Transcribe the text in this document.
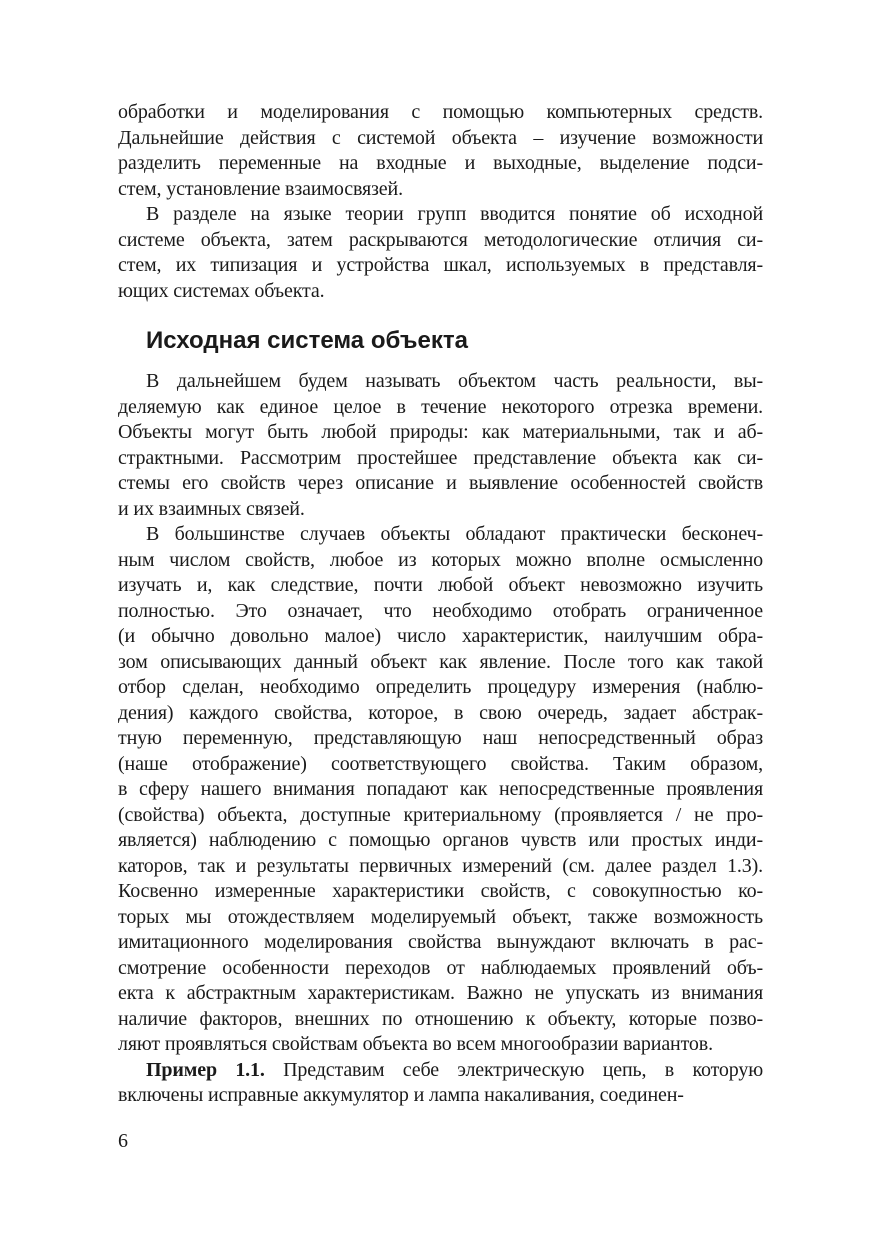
обработки и моделирования с помощью компьютерных средств.
Дальнейшие действия с системой объекта – изучение возможности
разделить переменные на входные и выходные, выделение подси-
стем, установление взаимосвязей.
В разделе на языке теории групп вводится понятие об исходной
системе объекта, затем раскрываются методологические отличия си-
стем, их типизация и устройства шкал, используемых в представля-
ющих системах объекта.
Исходная система объекта
В дальнейшем будем называть объектом часть реальности, вы-
деляемую как единое целое в течение некоторого отрезка времени.
Объекты могут быть любой природы: как материальными, так и аб-
страктными. Рассмотрим простейшее представление объекта как си-
стемы его свойств через описание и выявление особенностей свойств
и их взаимных связей.
В большинстве случаев объекты обладают практически бесконеч-
ным числом свойств, любое из которых можно вполне осмысленно
изучать и, как следствие, почти любой объект невозможно изучить
полностью. Это означает, что необходимо отобрать ограниченное
(и обычно довольно малое) число характеристик, наилучшим обра-
зом описывающих данный объект как явление. После того как такой
отбор сделан, необходимо определить процедуру измерения (наблю-
дения) каждого свойства, которое, в свою очередь, задает абстрак-
тную переменную, представляющую наш непосредственный образ
(наше отображение) соответствующего свойства. Таким образом,
в сферу нашего внимания попадают как непосредственные проявления
(свойства) объекта, доступные критериальному (проявляется / не про-
является) наблюдению с помощью органов чувств или простых инди-
каторов, так и результаты первичных измерений (см. далее раздел 1.3).
Косвенно измеренные характеристики свойств, с совокупностью ко-
торых мы отождествляем моделируемый объект, также возможность
имитационного моделирования свойства вынуждают включать в рас-
смотрение особенности переходов от наблюдаемых проявлений объ-
екта к абстрактным характеристикам. Важно не упускать из внимания
наличие факторов, внешних по отношению к объекту, которые позво-
ляют проявляться свойствам объекта во всем многообразии вариантов.
Пример 1.1. Представим себе электрическую цепь, в которую
включены исправные аккумулятор и лампа накаливания, соединен-
6
